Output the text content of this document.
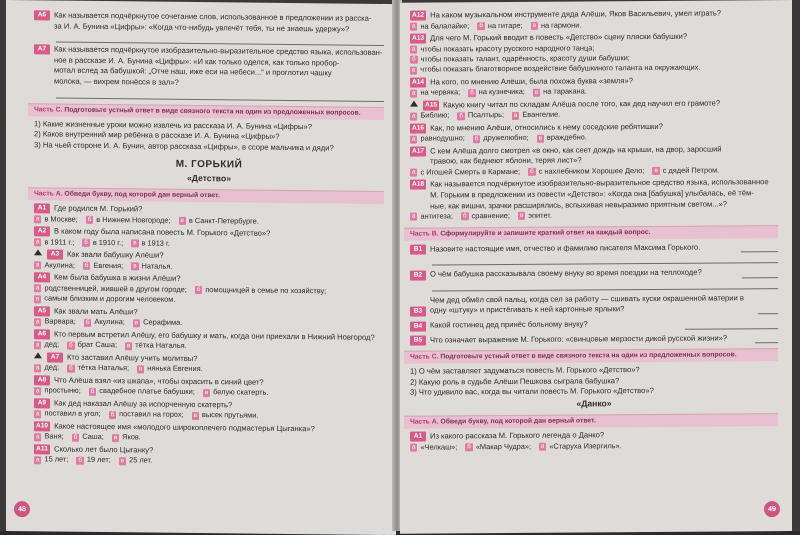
А6	Как называется подчёркнутое сочетание слов, использованное в предложении из расска-
за И. А. Бунина «Цифры»: «Когда что-нибудь увлечёт тебя, ты не знаешь удержу»?
А7	Как называется подчёркнутое изобразительно-выразительное средство языка, использован-
ное в рассказе И. А. Бунина «Цифры»: «И как только оделся, как только пробор-
мотал вслед за бабушкой: „Отче наш, иже еси на небеси...“ и проглотил чашку
молока, — вихрем понёсся в зал»?
Часть С. Подготовьте устный ответ в виде связного текста на один из предложенных вопросов.
1) Какие жизненные уроки можно извлечь из рассказа И. А. Бунина «Цифры»?
2) Каков внутренний мир ребёнка в рассказе И. А. Бунина «Цифры»?
3) На чьей стороне И. А. Бунин, автор рассказа «Цифры», в ссоре мальчика и дяди?
М. ГОРЬКИЙ
«Детство»
Часть А. Обведи букву, под которой дан верный ответ.
А1	Где родился М. Горький?
а в Москве;	б в Нижнем Новгороде;	в в Санкт-Петербурге.
А2	В каком году была написана повесть М. Горького «Детство»?
а в 1911 г.;	б в 1910 г.;	в в 1913 г.
А3	Как звали бабушку Алёши?
а Акулина;	б Евгения;	в Наталья.
А4	Кем была бабушка в жизни Алёши?
а родственницей, жившей в другом городе;	б помощницей в семье по хозяйству;
в самым близким и дорогим человеком.
А5	Как звали мать Алёши?
а Варвара;	б Акулина;	в Серафима.
А6	Кто первым встретил Алёшу, его бабушку и мать, когда они приехали в Нижний Новгород?
а дед;	б брат Саша;	в тётка Наталья.
А7	Кто заставил Алёшу учить молитвы?
а дед;	б тётка Наталья;	в нянька Евгения.
А8	Что Алёша взял «из шкапа», чтобы окрасить в синий цвет?
а простыню;	б свадебное платье бабушки;	в белую скатерть.
А9	Как дед наказал Алёшу за испорченную скатерть?
а поставил в угол;	б поставил на горох;	в высек прутьями.
А10 Какое настоящее имя «молодого широкоплечего подмастерья Цыганка»?
а Ваня;	б Саша;	в Яков.
А11 Сколько лет было Цыганку?
а 15 лет;	б 19 лет;	в 25 лет.
48
А12 На каком музыкальном инструменте дяда Алёши, Яков Васильевич, умел играть?
а на балалайке;	б на гитаре;	в на гармони.
А13 Для чего М. Горький вводит в повесть «Детство» сцену пляски бабушки?
а чтобы показать красоту русского народного танца;
б чтобы показать талант, одарённость, красоту души бабушки;
в чтобы показать благотворное воздействие бабушкиного таланта на окружающих.
А14 На кого, по мнению Алёши, была похожа буква «земля»?
а на червяка;	б на кузнечика;	в на таракана.
А15 Какую книгу читал по складам Алёша после того, как дед научил его грамоте?
а Библию;	б Псалтырь;	в Евангелие.
А16 Как, по мнению Алёши, относились к нему соседские ребятишки?
а равнодушно;	б дружелюбно;	в враждебно.
А17 С кем Алёша долго смотрел «в окно, как сеет дождь на крыши, на двор, заросший
травою, как беднеют яблони, теряя лист»?
а с Игошей Смерть в Кармане;	б с нахлебником Хорошее Дело;	в с дядей Петром.
А18 Как называется подчёркнутое изобразительно-выразительное средство языка, использованное
М. Горьким в предложении из повести «Детство»: «Когда она [бабушка] улыбалась, её тём-
ные, как вишни, зрачки расширялись, вспыхивая невыразимо приятным светом...»?
а антитеза;	б сравнение;	в эпитет.
Часть В. Сформулируйте и запишите краткий ответ на каждый вопрос.
В1	Назовите настоящие имя, отчество и фамилию писателя Максима Горького.
В2	О чём бабушка рассказывала своему внуку во время поездки на теплоходе?
В3
Чем дед обмёл свой пальц, когда сел за работу — сшивать куски окрашенной материи в
одну «штуку» и пристёгивать к ней картонные ярлыки?
В4	Какой гостинец дед принёс больному внуку?
В5	Что означает выражение М. Горького: «свинцовые мерзости дикой русской жизни»?
Часть С. Подготовьте устный ответ в виде связного текста на один из предложенных вопросов.
1) О чём заставляет задуматься повесть М. Горького «Детство»?
2) Какую роль в судьбе Алёши Пешкова сыграла бабушка?
3) Что удивило вас, когда вы читали повесть М. Горького «Детство»?
«Данко»
Часть А. Обведи букву, под которой дан верный ответ.
А1	Из какого рассказа М. Горького легенда о Данко?
а «Челкаш»;	б «Макар Чудра»;	в «Старуха Изергиль».
49
